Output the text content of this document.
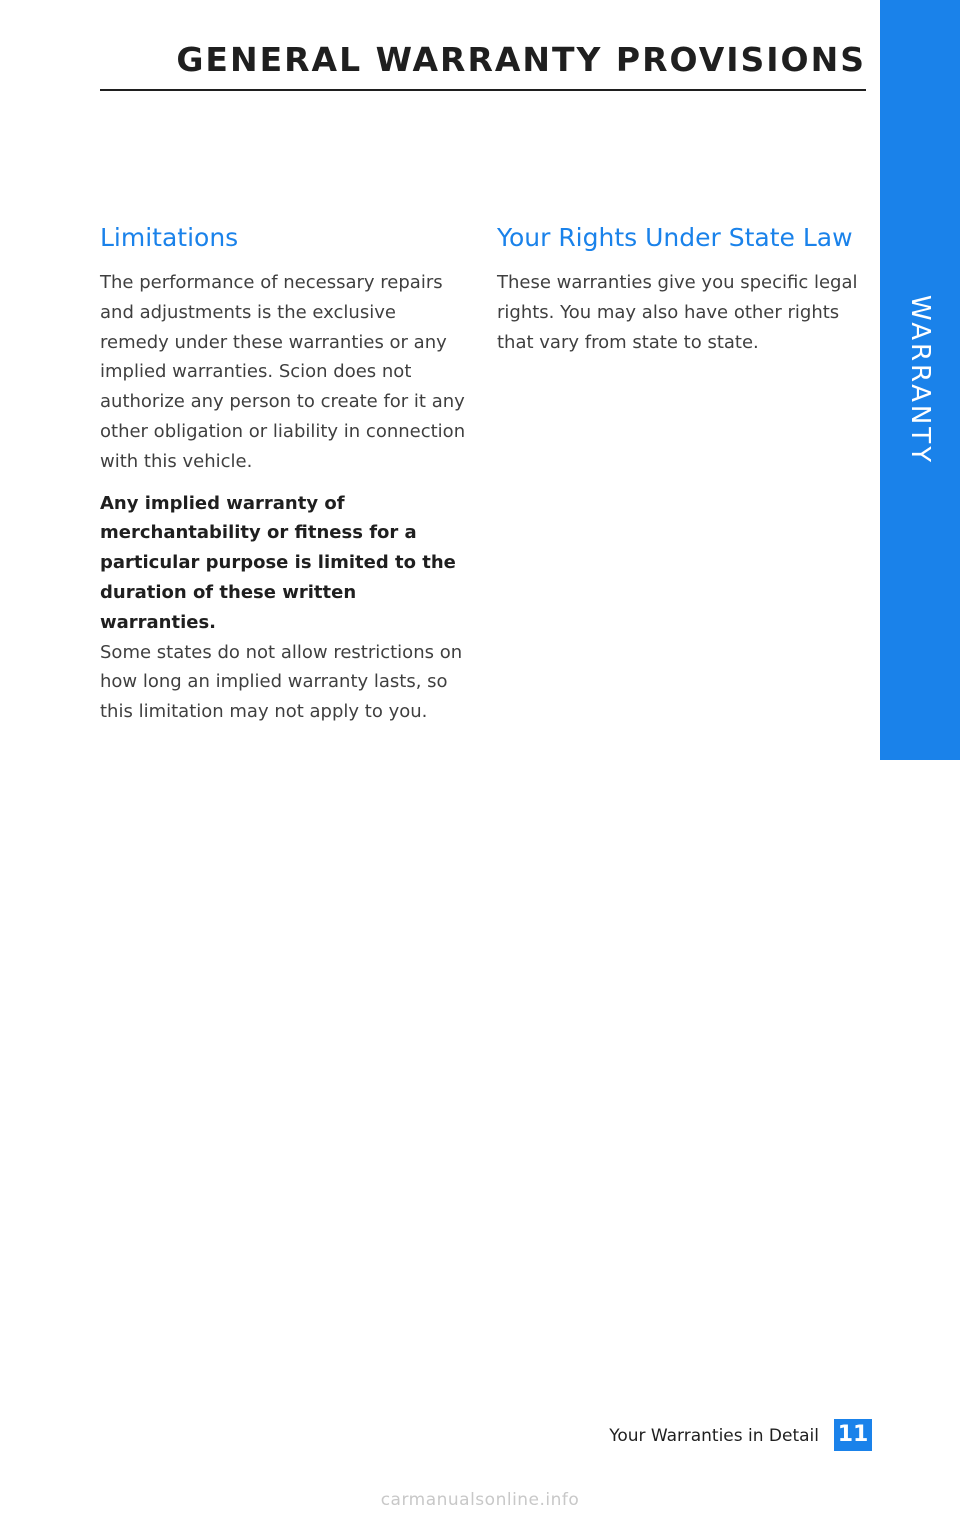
WARRANTY
GENERAL WARRANTY PROVISIONS
Limitations

The performance of necessary repairs and adjustments is the exclusive remedy under these warranties or any implied warranties. Scion does not authorize any person to create for it any other obligation or liability in connection with this vehicle.

Any implied warranty of merchantability or fitness for a particular purpose is limited to the duration of these written warranties.

Some states do not allow restrictions on how long an implied warranty lasts, so this limitation may not apply to you.

Your Rights Under State Law

These warranties give you specific legal rights. You may also have other rights that vary from state to state.

Your Warranties in Detail 11
carmanualsonline.info
